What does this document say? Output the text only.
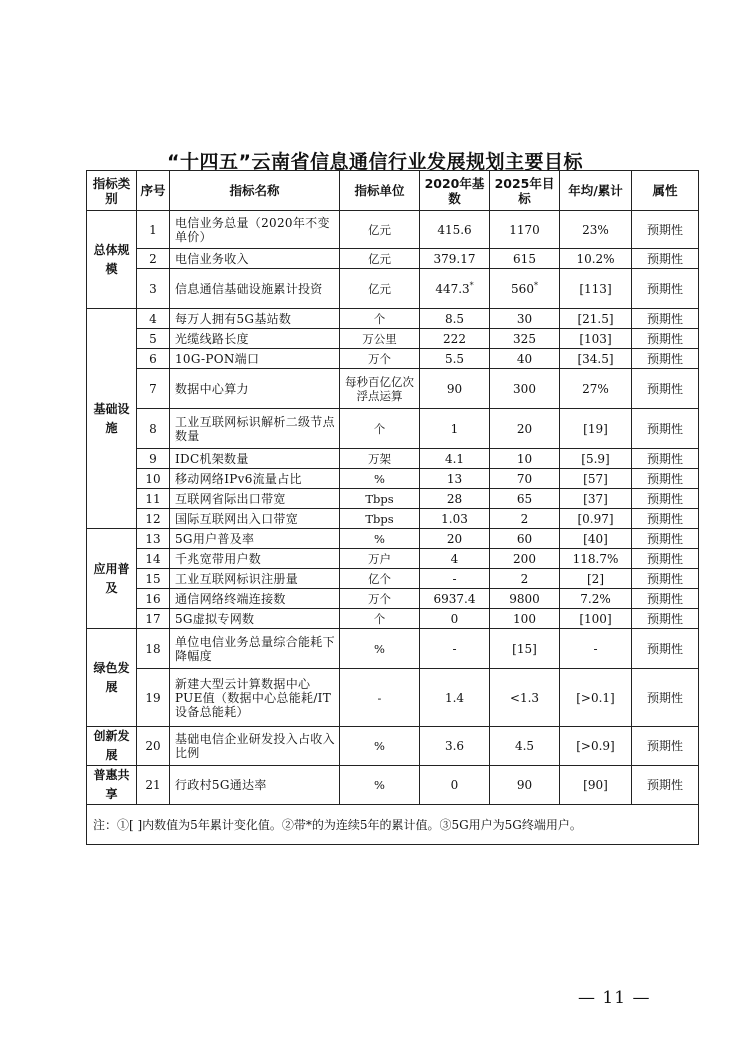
“十四五”云南省信息通信行业发展规划主要目标
指标类别	序号	指标名称	指标单位	2020年基数	2025年目标	年均/累计	属性
总体规模	1	电信业务总量（2020年不变单价）	亿元	415.6	1170	23%	预期性
	2	电信业务收入	亿元	379.17	615	10.2%	预期性
	3	信息通信基础设施累计投资	亿元	447.3*	560*	[113]	预期性
基础设施	4	每万人拥有5G基站数	个	8.5	30	[21.5]	预期性
	5	光缆线路长度	万公里	222	325	[103]	预期性
	6	10G-PON端口	万个	5.5	40	[34.5]	预期性
	7	数据中心算力	每秒百亿亿次浮点运算	90	300	27%	预期性
	8	工业互联网标识解析二级节点数量	个	1	20	[19]	预期性
	9	IDC机架数量	万架	4.1	10	[5.9]	预期性
	10	移动网络IPv6流量占比	%	13	70	[57]	预期性
	11	互联网省际出口带宽	Tbps	28	65	[37]	预期性
	12	国际互联网出入口带宽	Tbps	1.03	2	[0.97]	预期性
应用普及	13	5G用户普及率	%	20	60	[40]	预期性
	14	千兆宽带用户数	万户	4	200	118.7%	预期性
	15	工业互联网标识注册量	亿个	-	2	[2]	预期性
	16	通信网络终端连接数	万个	6937.4	9800	7.2%	预期性
	17	5G虚拟专网数	个	0	100	[100]	预期性
绿色发展	18	单位电信业务总量综合能耗下降幅度	%	-	[15]	-	预期性
	19	新建大型云计算数据中心PUE值（数据中心总能耗/IT设备总能耗）	-	1.4	<1.3	[>0.1]	预期性
创新发展	20	基础电信企业研发投入占收入比例	%	3.6	4.5	[>0.9]	预期性
普惠共享	21	行政村5G通达率	%	0	90	[90]	预期性
注：①[ ]内数值为5年累计变化值。②带*的为连续5年的累计值。③5G用户为5G终端用户。							
— 11 —
